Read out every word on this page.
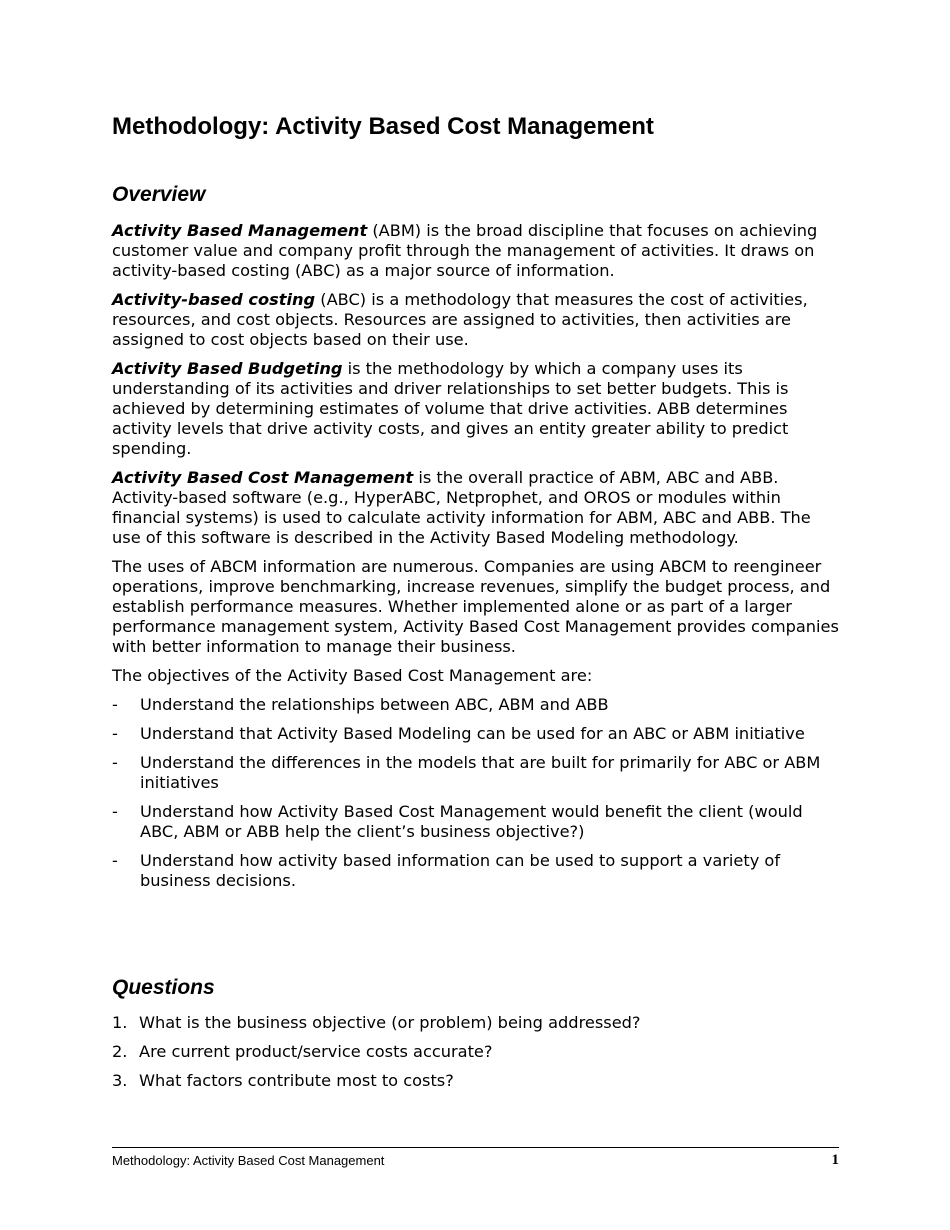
Methodology: Activity Based Cost Management
Overview

Activity Based Management (ABM) is the broad discipline that focuses on achieving customer value and company profit through the management of activities. It draws on activity-based costing (ABC) as a major source of information.

Activity-based costing (ABC) is a methodology that measures the cost of activities, resources, and cost objects. Resources are assigned to activities, then activities are assigned to cost objects based on their use.

Activity Based Budgeting is the methodology by which a company uses its understanding of its activities and driver relationships to set better budgets. This is achieved by determining estimates of volume that drive activities. ABB determines activity levels that drive activity costs, and gives an entity greater ability to predict spending.

Activity Based Cost Management is the overall practice of ABM, ABC and ABB. Activity-based software (e.g., HyperABC, Netprophet, and OROS or modules within financial systems) is used to calculate activity information for ABM, ABC and ABB. The use of this software is described in the Activity Based Modeling methodology.

The uses of ABCM information are numerous. Companies are using ABCM to reengineer operations, improve benchmarking, increase revenues, simplify the budget process, and establish performance measures. Whether implemented alone or as part of a larger performance management system, Activity Based Cost Management provides companies with better information to manage their business.

The objectives of the Activity Based Cost Management are:

- Understand the relationships between ABC, ABM and ABB
- Understand that Activity Based Modeling can be used for an ABC or ABM initiative
- Understand the differences in the models that are built for primarily for ABC or ABM initiatives
- Understand how Activity Based Cost Management would benefit the client (would ABC, ABM or ABB help the client’s business objective?)
- Understand how activity based information can be used to support a variety of business decisions.
Questions
1. What is the business objective (or problem) being addressed?
2. Are current product/service costs accurate?
3. What factors contribute most to costs?
Methodology: Activity Based Cost Management	1
